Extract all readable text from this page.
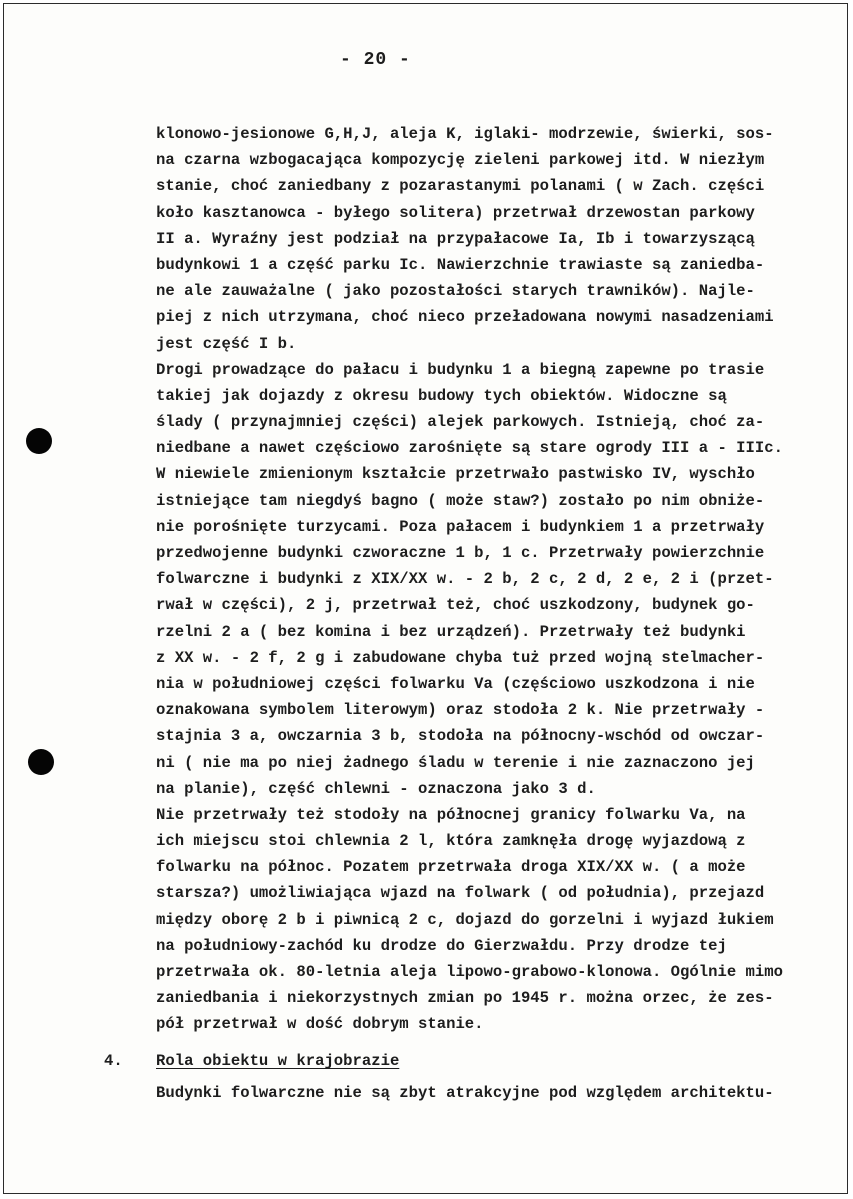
- 20 -
klonowo-jesionowe G,H,J, aleja K, iglaki- modrzewie, świerki, sos-
na czarna wzbogacająca kompozycję zieleni parkowej itd. W niezłym
stanie, choć zaniedbany z pozarastanymi polanami ( w Zach. części
koło kasztanowca - byłego solitera) przetrwał drzewostan parkowy
II a. Wyraźny jest podział na przypałacowe Ia, Ib i towarzyszącą
budynkowi 1 a część parku Ic. Nawierzchnie trawiaste są zaniedba-
ne ale zauważalne ( jako pozostałości starych trawników). Najle-
piej z nich utrzymana, choć nieco przeładowana nowymi nasadzeniami
jest część I b.
Drogi prowadzące do pałacu i budynku 1 a biegną zapewne po trasie
takiej jak dojazdy z okresu budowy tych obiektów. Widoczne są
ślady ( przynajmniej części) alejek parkowych. Istnieją, choć za-
niedbane a nawet częściowo zarośnięte są stare ogrody III a - IIIc.
W niewiele zmienionym kształcie przetrwało pastwisko IV, wyschło
istniejące tam niegdyś bagno ( może staw?) zostało po nim obniże-
nie porośnięte turzycami. Poza pałacem i budynkiem 1 a przetrwały
przedwojenne budynki czworaczne 1 b, 1 c. Przetrwały powierzchnie
folwarczne i budynki z XIX/XX w. - 2 b, 2 c, 2 d, 2 e, 2 i (przet-
rwał w części), 2 j, przetrwał też, choć uszkodzony, budynek go-
rzelni 2 a ( bez komina i bez urządzeń). Przetrwały też budynki
z XX w. - 2 f, 2 g i zabudowane chyba tuż przed wojną stelmacher-
nia w południowej części folwarku Va (częściowo uszkodzona i nie
oznakowana symbolem literowym) oraz stodoła 2 k. Nie przetrwały -
stajnia 3 a, owczarnia 3 b, stodoła na północny-wschód od owczar-
ni ( nie ma po niej żadnego śladu w terenie i nie zaznaczono jej
na planie), część chlewni - oznaczona jako 3 d.
Nie przetrwały też stodoły na północnej granicy folwarku Va, na
ich miejscu stoi chlewnia 2 l, która zamknęła drogę wyjazdową z
folwarku na północ. Pozatem przetrwała droga XIX/XX w. ( a może
starsza?) umożliwiająca wjazd na folwark ( od południa), przejazd
między oborę 2 b i piwnicą 2 c, dojazd do gorzelni i wyjazd łukiem
na południowy-zachód ku drodze do Gierzwałdu. Przy drodze tej
przetrwała ok. 80-letnia aleja lipowo-grabowo-klonowa. Ogólnie mimo
zaniedbania i niekorzystnych zmian po 1945 r. można orzec, że zes-
pół przetrwał w dość dobrym stanie.
4. Rola obiektu w krajobrazie
Budynki folwarczne nie są zbyt atrakcyjne pod względem architektu-
